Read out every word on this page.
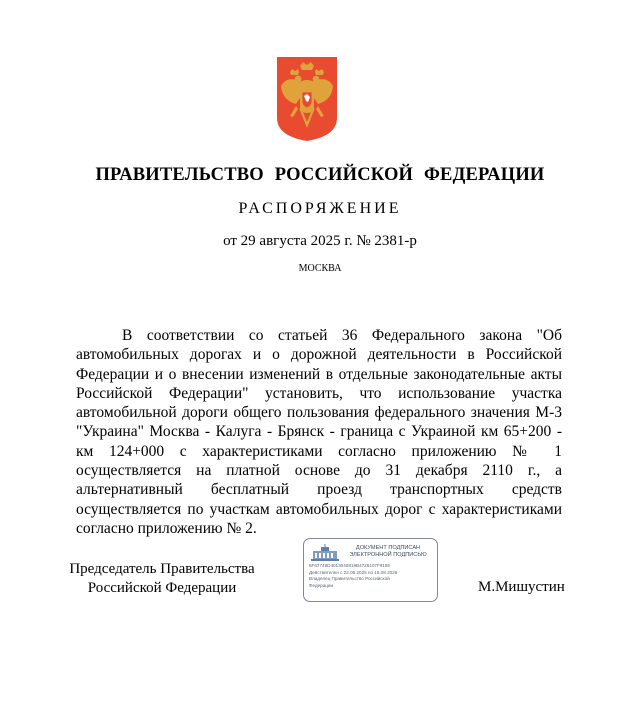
ПРАВИТЕЛЬСТВО РОССИЙСКОЙ ФЕДЕРАЦИИ
РАСПОРЯЖЕНИЕ
от 29 августа 2025 г. № 2381-р
МОСКВА
В соответствии со статьей 36 Федерального закона "Об автомобильных дорогах и о дорожной деятельности в Российской Федерации и о внесении изменений в отдельные законодательные акты Российской Федерации" установить, что использование участка автомобильной дороги общего пользования федерального значения М-3 "Украина" Москва - Калуга - Брянск - граница с Украиной км 65+200 - км 124+000 с характеристиками согласно приложению № 1 осуществляется на платной основе до 31 декабря 2110 г., а альтернативный бесплатный проезд транспортных средств осуществляется по участкам автомобильных дорог с характеристиками согласно приложению № 2.
Председатель Правительства
Российской Федерации
ДОКУМЕНТ ПОДПИСАН
ЭЛЕКТРОННОЙ ПОДПИСЬЮ
6F67748D4013040818B4726107F9155
Действителен с 22.05.2025 по 15.08.2026
Владелец Правительство Российской
Федерации	М.Мишустин
